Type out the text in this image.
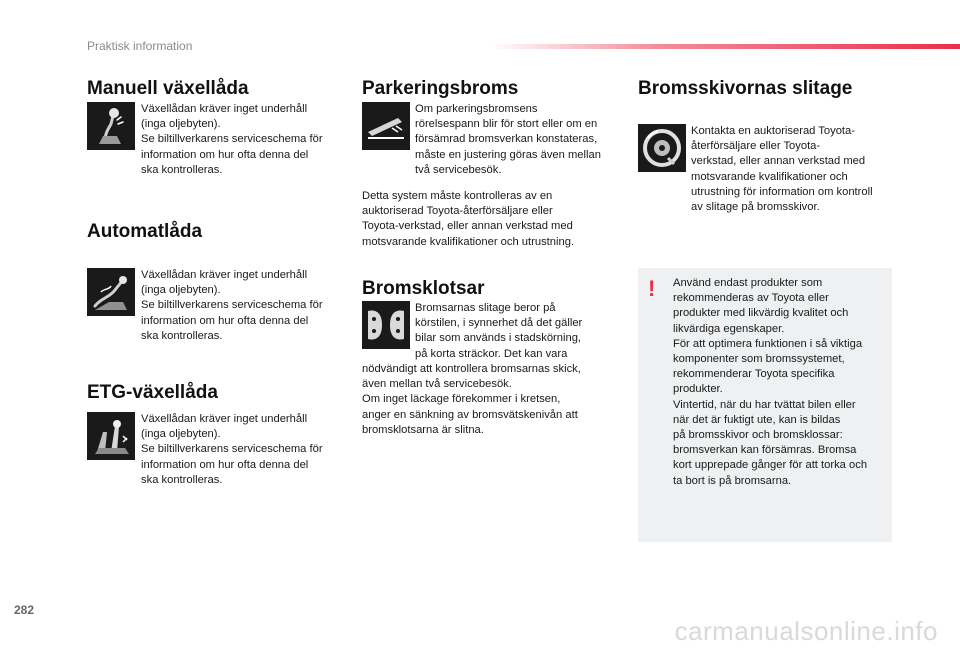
Praktisk information
Manuell växellåda

Växellådan kräver inget underhåll

(inga oljebyten).

Se biltillverkarens serviceschema för

information om hur ofta denna del

ska kontrolleras.

Automatlåda

Växellådan kräver inget underhåll

(inga oljebyten).

Se biltillverkarens serviceschema för

information om hur ofta denna del

ska kontrolleras.

ETG-växellåda

Växellådan kräver inget underhåll

(inga oljebyten).

Se biltillverkarens serviceschema för

information om hur ofta denna del

ska kontrolleras.

Parkeringsbroms

Om parkeringsbromsens

rörelsespann blir för stort eller om en

försämrad bromsverkan konstateras,

måste en justering göras även mellan

två servicebesök.

Detta system måste kontrolleras av en

auktoriserad Toyota-återförsäljare eller

Toyota-verkstad, eller annan verkstad med

motsvarande kvalifikationer och utrustning.

Bromsklotsar

Bromsarnas slitage beror på

körstilen, i synnerhet då det gäller

bilar som används i stadskörning,

på korta sträckor. Det kan vara

nödvändigt att kontrollera bromsarnas skick,

även mellan två servicebesök.

Om inget läckage förekommer i kretsen,

anger en sänkning av bromsvätskenivån att

bromsklotsarna är slitna.

Bromsskivornas slitage

Kontakta en auktoriserad Toyota-

återförsäljare eller Toyota-

verkstad, eller annan verkstad med

motsvarande kvalifikationer och

utrustning för information om kontroll

av slitage på bromsskivor.

! Använd endast produkter som

rekommenderas av Toyota eller

produkter med likvärdig kvalitet och

likvärdiga egenskaper.

För att optimera funktionen i så viktiga

komponenter som bromssystemet,

rekommenderar Toyota specifika

produkter.

Vintertid, när du har tvättat bilen eller

när det är fuktigt ute, kan is bildas

på bromsskivor och bromsklossar:

bromsverkan kan försämras. Bromsa

kort upprepade gånger för att torka och

ta bort is på bromsarna.

282
carmanualsonline.info
